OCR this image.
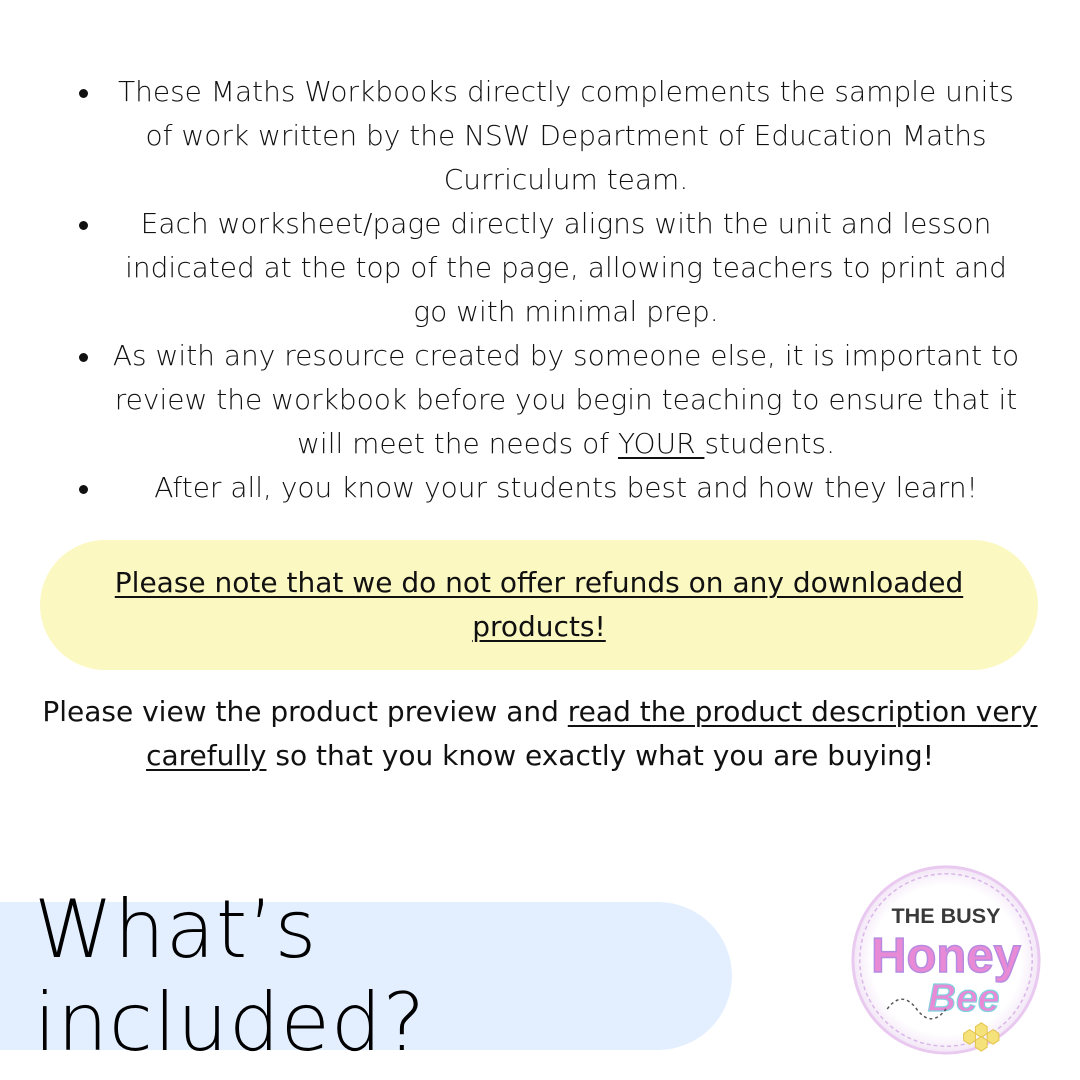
These Maths Workbooks directly complements the sample units of work written by the NSW Department of Education Maths Curriculum team.
Each worksheet/page directly aligns with the unit and lesson indicated at the top of the page, allowing teachers to print and go with minimal prep.
As with any resource created by someone else, it is important to review the workbook before you begin teaching to ensure that it will meet the needs of YOUR students.
After all, you know your students best and how they learn!
Please note that we do not offer refunds on any downloaded products!
Please view the product preview and read the product description very carefully so that you know exactly what you are buying!
What’s included?
THE BUSY
Honey
Bee
